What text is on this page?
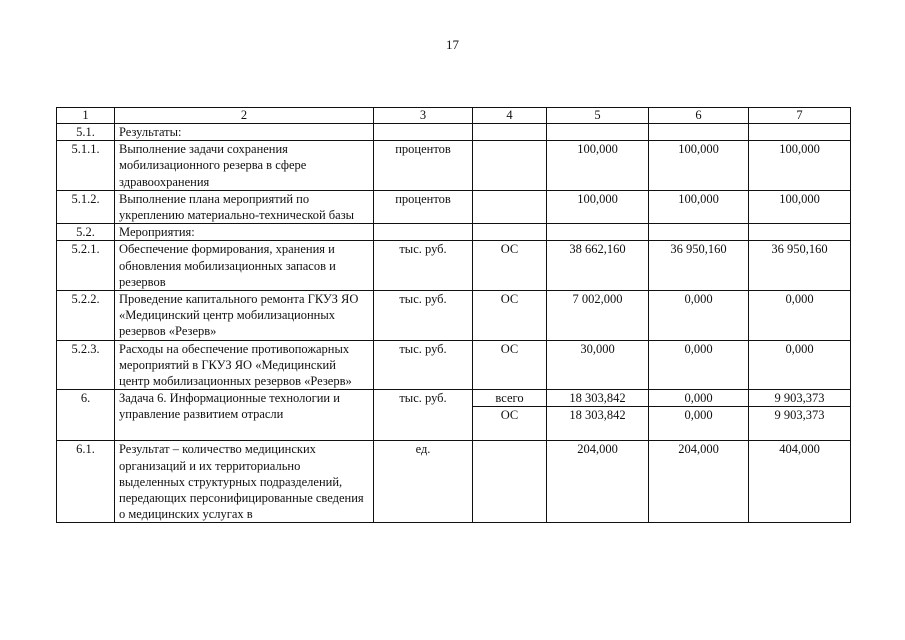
17
1	2	3	4	5	6	7
5.1.	Результаты:					
5.1.1.	Выполнение задачи сохранения мобилизационного резерва в сфере здравоохранения	процентов		100,000	100,000	100,000
5.1.2.	Выполнение плана мероприятий по укреплению материально-технической базы	процентов		100,000	100,000	100,000
5.2.	Мероприятия:					
5.2.1.	Обеспечение формирования, хранения и обновления мобилизационных запасов и резервов	тыс. руб.	ОС	38 662,160	36 950,160	36 950,160
5.2.2.	Проведение капитального ремонта ГКУЗ ЯО «Медицинский центр мобилизационных резервов «Резерв»	тыс. руб.	ОС	7 002,000	0,000	0,000
5.2.3.	Расходы на обеспечение противопожарных мероприятий в ГКУЗ ЯО «Медицинский центр мобилизационных резервов «Резерв»	тыс. руб.	ОС	30,000	0,000	0,000
6.	Задача 6. Информационные технологии и управление развитием отрасли	тыс. руб.	всего	18 303,842	0,000	9 903,373
			ОС	18 303,842	0,000	9 903,373
6.1.	Результат – количество медицинских организаций и их территориально выделенных структурных подразделений, передающих персонифицированные сведения о медицинских услугах в	ед.		204,000	204,000	404,000
